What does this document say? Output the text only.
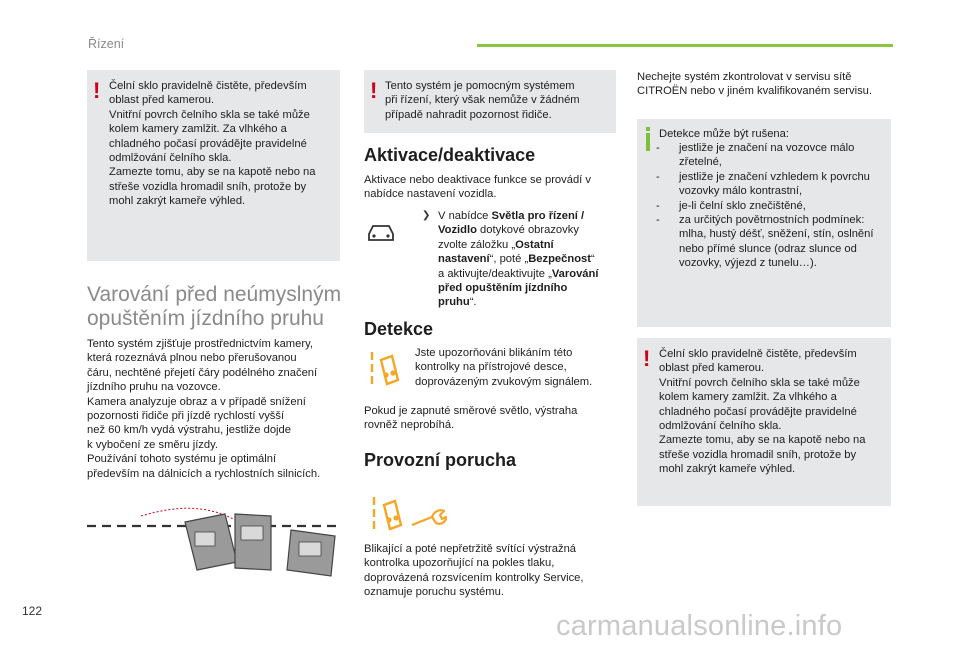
Řízení
! Čelní sklo pravidelně čistěte, především
oblast před kamerou.
Vnitřní povrch čelního skla se také může
kolem kamery zamlžit. Za vlhkého a
chladného počasí provádějte pravidelné
odmlžování čelního skla.
Zamezte tomu, aby se na kapotě nebo na
střeše vozidla hromadil sníh, protože by
mohl zakrýt kameře výhled.
Varování před neúmyslným
opuštěním jízdního pruhu
Tento systém zjišťuje prostřednictvím kamery,
která rozeznává plnou nebo přerušovanou
čáru, nechtěné přejetí čáry podélného značení
jízdního pruhu na vozovce.
Kamera analyzuje obraz a v případě snížení
pozornosti řidiče při jízdě rychlostí vyšší
než 60 km/h vydá výstrahu, jestliže dojde
k vybočení ze směru jízdy.
Používání tohoto systému je optimální
především na dálnicích a rychlostních silnicích.
! Tento systém je pomocným systémem
při řízení, který však nemůže v žádném
případě nahradit pozornost řidiče.
Aktivace/deaktivace
Aktivace nebo deaktivace funkce se provádí v
nabídce nastavení vozidla.
❯ V nabídce Světla pro řízení /
Vozidlo dotykové obrazovky
zvolte záložku „Ostatní
nastavení“, poté „Bezpečnost“
a aktivujte/deaktivujte „Varování
před opuštěním jízdního
pruhu“.
Detekce
Jste upozorňováni blikáním této
kontrolky na přístrojové desce,
doprovázeným zvukovým signálem.
Pokud je zapnuté směrové světlo, výstraha
rovněž neprobíhá.
Provozní porucha
Blikající a poté nepřetržitě svítící výstražná
kontrolka upozorňující na pokles tlaku,
doprovázená rozsvícením kontrolky Service,
oznamuje poruchu systému.
Nechejte systém zkontrolovat v servisu sítě
CITROËN nebo v jiném kvalifikovaném servisu.
Detekce může být rušena:
- jestliže je značení na vozovce málo
zřetelné,
- jestliže je značení vzhledem k povrchu
vozovky málo kontrastní,
- je-li čelní sklo znečištěné,
- za určitých povětrnostních podmínek:
mlha, hustý déšť, sněžení, stín, oslnění
nebo přímé slunce (odraz slunce od
vozovky, výjezd z tunelu…).
! Čelní sklo pravidelně čistěte, především
oblast před kamerou.
Vnitřní povrch čelního skla se také může
kolem kamery zamlžit. Za vlhkého a
chladného počasí provádějte pravidelné
odmlžování čelního skla.
Zamezte tomu, aby se na kapotě nebo na
střeše vozidla hromadil sníh, protože by
mohl zakrýt kameře výhled.
122	carmanualsonline.info
